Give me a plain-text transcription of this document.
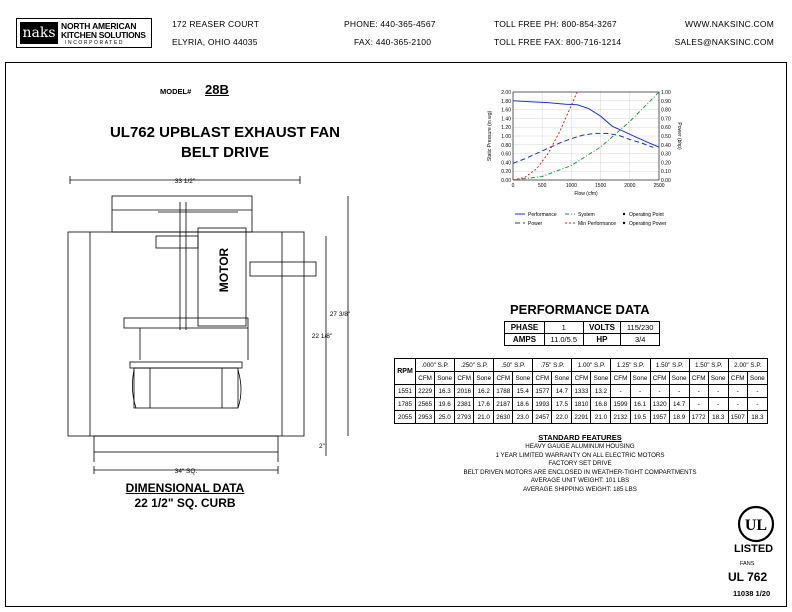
naks NORTH AMERICAN
KITCHEN SOLUTIONS
INCORPORATED
172 REASER COURT
ELYRIA, OHIO 44035
PHONE: 440-365-4567
FAX: 440-365-2100
TOLL FREE PH: 800-854-3267
TOLL FREE FAX: 800-716-1214
WWW.NAKSINC.COM
SALES@NAKSINC.COM
MODEL# 28B
UL762 UPBLAST EXHAUST FAN
BELT DRIVE
33 1/2"
34" SQ.
27 3/8"
22 1/8"
2"
MOTOR
DIMENSIONAL DATA
22 1/2" SQ. CURB
0.00
0.20
0.40
0.60
0.80
1.00
1.20
1.40
1.60
1.80
2.00
0.00
0.10
0.20
0.30
0.40
0.50
0.60
0.70
0.80
0.90
1.00
0	500	1000	1500	2000	2500
Flow (cfm)
Static Pressure (in wg)	Power (bhp)
Performance
Power
System
Min Performance
Operating Point
Operating Power
PERFORMANCE DATA
PHASE	1	VOLTS	115/230
AMPS	11.0/5.5	HP	3/4
RPM	.000" S.P.		.250" S.P.		.50" S.P.		.75" S.P.		1.00" S.P.		1.25" S.P.		1.50" S.P.		1.50" S.P.		2.00" S.P.	
	CFM	Sone	CFM	Sone	CFM	Sone	CFM	Sone	CFM	Sone	CFM	Sone	CFM	Sone	CFM	Sone	CFM	Sone
1551	2229	16.3	2016	16.2	1788	15.4	1577	14.7	1333	13.2	-	-	-	-	-	-	-	-
1785	2565	19.6	2381	17.6	2187	18.6	1993	17.5	1810	16.8	1599	16.1	1320	14.7	-	-	-	-
2055	2953	25.0	2793	21.0	2630	23.0	2457	22.0	2291	21.0	2132	19.5	1957	18.9	1772	18.3	1507	18.3
STANDARD FEATURES
HEAVY GAUGE ALUMINUM HOUSING
1 YEAR LIMITED WARRANTY ON ALL ELECTRIC MOTORS
FACTORY SET DRIVE
BELT DRIVEN MOTORS ARE ENCLOSED IN WEATHER-TIGHT COMPARTMENTS
AVERAGE UNIT WEIGHT: 101 LBS
AVERAGE SHIPPING WEIGHT: 185 LBS
UL
LISTED
FANS
UL 762
11038 1/20
